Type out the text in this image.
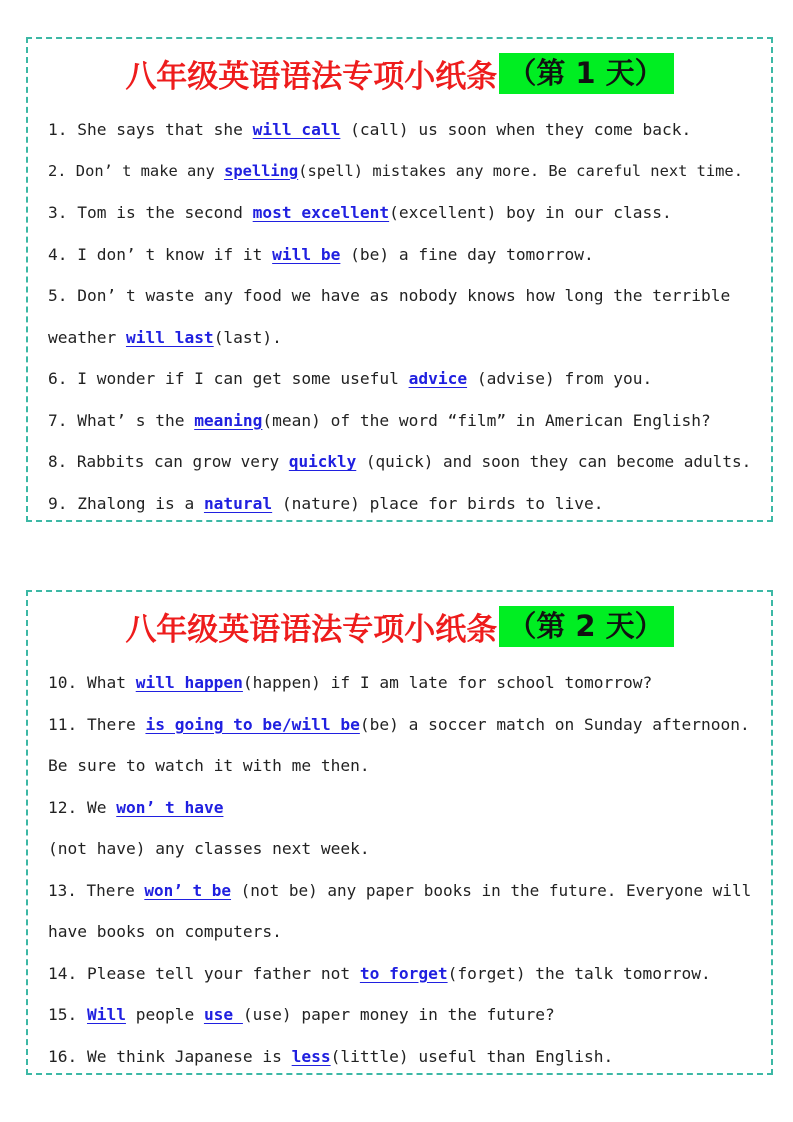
八年级英语语法专项小纸条 （第 1 天）
1. She says that she will call (call) us soon when they come back.
2. Don’ t make any spelling(spell) mistakes any more. Be careful next time.
3. Tom is the second most excellent(excellent) boy in our class.
4. I don’ t know if it will be (be) a fine day tomorrow.
5. Don’ t waste any food we have as nobody knows how long the terrible
weather will last(last).
6. I wonder if I can get some useful advice (advise) from you.
7. What’ s the meaning(mean) of the word “film” in American English?
8. Rabbits can grow very quickly (quick) and soon they can become adults.
9. Zhalong is a natural (nature) place for birds to live.
八年级英语语法专项小纸条 （第 2 天）
10. What will happen(happen) if I am late for school tomorrow?
11. There is going to be/will be(be) a soccer match on Sunday afternoon.
Be sure to watch it with me then.
12. We won’ t have
(not have) any classes next week.
13. There won’ t be (not be) any paper books in the future. Everyone will
have books on computers.
14. Please tell your father not to forget(forget) the talk tomorrow.
15. Will people use (use) paper money in the future?
16. We think Japanese is less(little) useful than English.
